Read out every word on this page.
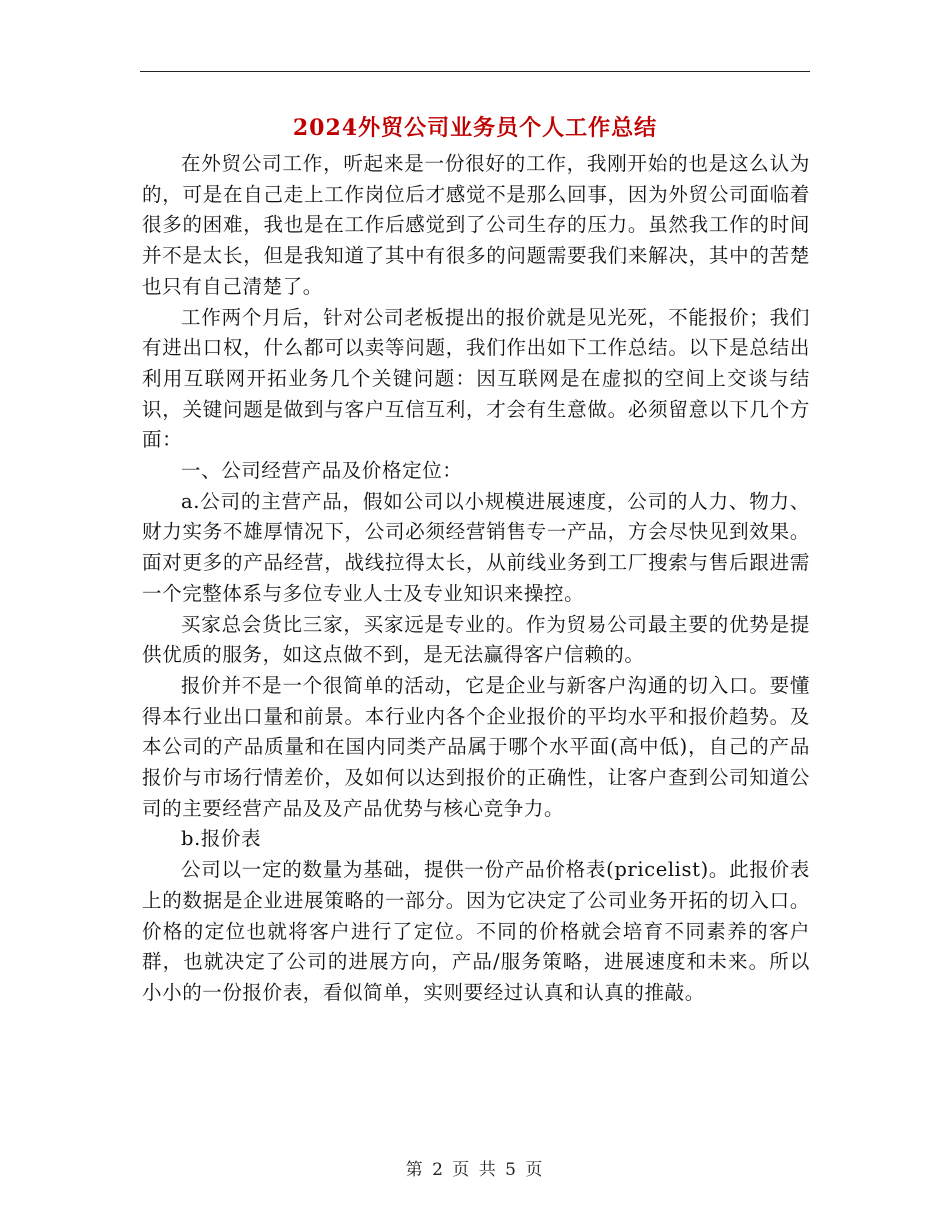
2024外贸公司业务员个人工作总结

在外贸公司工作，听起来是一份很好的工作，我刚开始的也是这么认为的，可是在自己走上工作岗位后才感觉不是那么回事，因为外贸公司面临着很多的困难，我也是在工作后感觉到了公司生存的压力。虽然我工作的时间并不是太长，但是我知道了其中有很多的问题需要我们来解决，其中的苦楚也只有自己清楚了。

工作两个月后，针对公司老板提出的报价就是见光死，不能报价；我们有进出口权，什么都可以卖等问题，我们作出如下工作总结。以下是总结出利用互联网开拓业务几个关键问题：因互联网是在虚拟的空间上交谈与结识，关键问题是做到与客户互信互利，才会有生意做。必须留意以下几个方面：

一、公司经营产品及价格定位：

a.公司的主营产品，假如公司以小规模进展速度，公司的人力、物力、财力实务不雄厚情况下，公司必须经营销售专一产品，方会尽快见到效果。面对更多的产品经营，战线拉得太长，从前线业务到工厂搜索与售后跟进需一个完整体系与多位专业人士及专业知识来操控。

买家总会货比三家，买家远是专业的。作为贸易公司最主要的优势是提供优质的服务，如这点做不到，是无法赢得客户信赖的。

报价并不是一个很简单的活动，它是企业与新客户沟通的切入口。要懂得本行业出口量和前景。本行业内各个企业报价的平均水平和报价趋势。及本公司的产品质量和在国内同类产品属于哪个水平面(高中低)，自己的产品报价与市场行情差价，及如何以达到报价的正确性，让客户查到公司知道公司的主要经营产品及及产品优势与核心竞争力。

b.报价表

公司以一定的数量为基础，提供一份产品价格表(pricelist)。此报价表上的数据是企业进展策略的一部分。因为它决定了公司业务开拓的切入口。价格的定位也就将客户进行了定位。不同的价格就会培育不同素养的客户群，也就决定了公司的进展方向，产品/服务策略，进展速度和未来。所以小小的一份报价表，看似简单，实则要经过认真和认真的推敲。

第 2 页 共 5 页
